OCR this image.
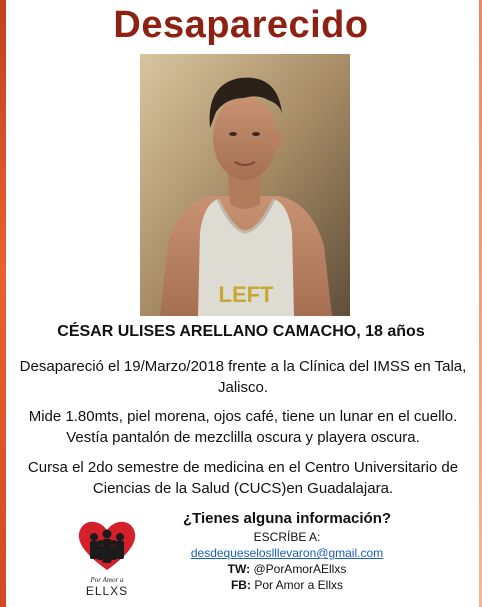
Desaparecido
LEFT
CÉSAR ULISES ARELLANO CAMACHO, 18 años
Desapareció el 19/Marzo/2018 frente a la Clínica del IMSS en Tala, Jalisco.
Mide 1.80mts, piel morena, ojos café, tiene un lunar en el cuello. Vestía pantalón de mezclilla oscura y playera oscura.
Cursa el 2do semestre de medicina en el Centro Universitario de Ciencias de la Salud (CUCS)en Guadalajara.
Por Amor a
ELLXS
¿Tienes alguna información?
ESCRÍBE A:
desdequeseloslllevaron@gmail.com
TW: @PorAmorAEllxs
FB: Por Amor a Ellxs
